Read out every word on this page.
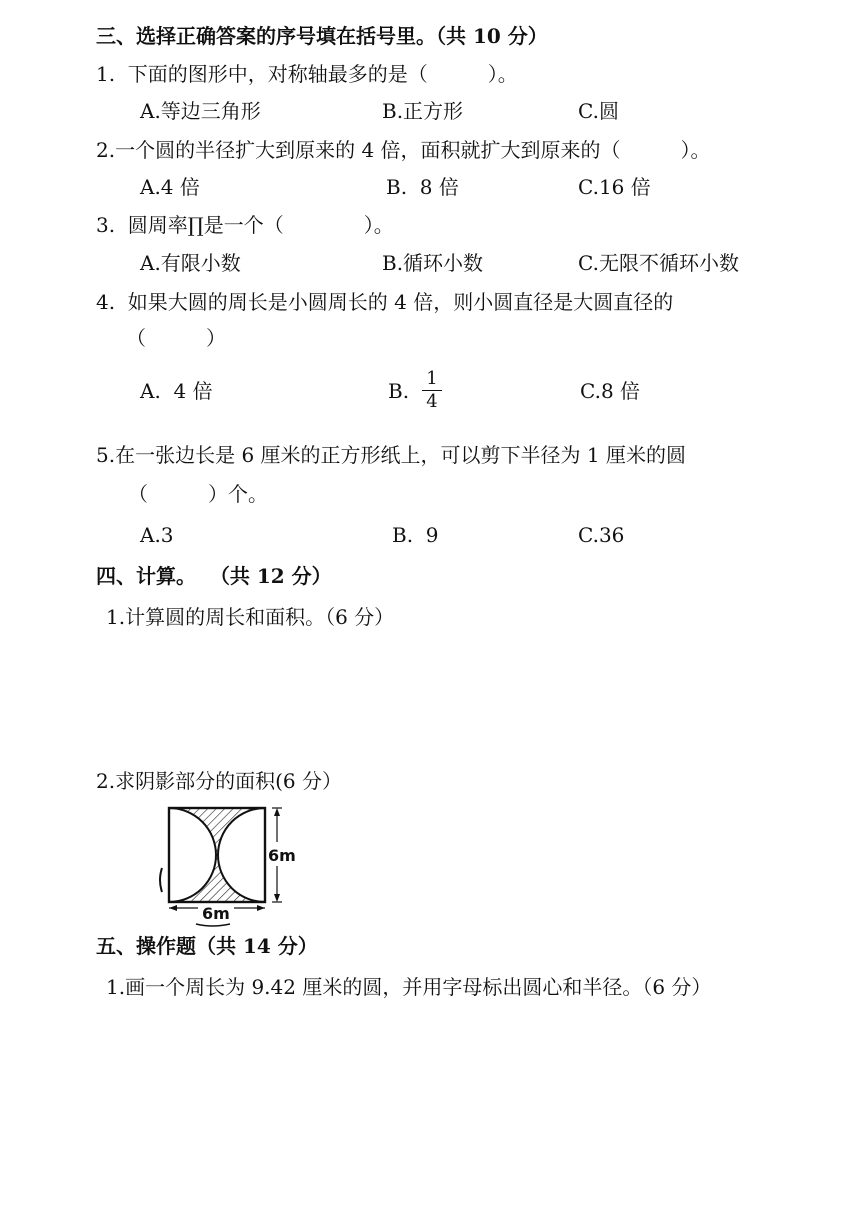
三、选择正确答案的序号填在括号里。（共 10 分）
1.  下面的图形中，对称轴最多的是（　　　）。
A.等边三角形	B.正方形	C.圆
2.一个圆的半径扩大到原来的 4 倍，面积就扩大到原来的（　　　）。
A.4 倍	B.  8 倍	C.16 倍
3.  圆周率∏是一个（　　　　）。
A.有限小数	B.循环小数	C.无限不循环小数
4.  如果大圆的周长是小圆周长的 4 倍，则小圆直径是大圆直径的
（　　　）
A.  4 倍	B.
1
4	C.8 倍
5.在一张边长是 6 厘米的正方形纸上，可以剪下半径为 1 厘米的圆
（　　　）个。
A.3	B.  9	C.36
四、计算。  （共 12 分）
1.计算圆的周长和面积。（6 分）
2.求阴影部分的面积(6 分）
6m
6m
五、操作题（共 14 分）
1.画一个周长为 9.42 厘米的圆，并用字母标出圆心和半径。（6 分）
